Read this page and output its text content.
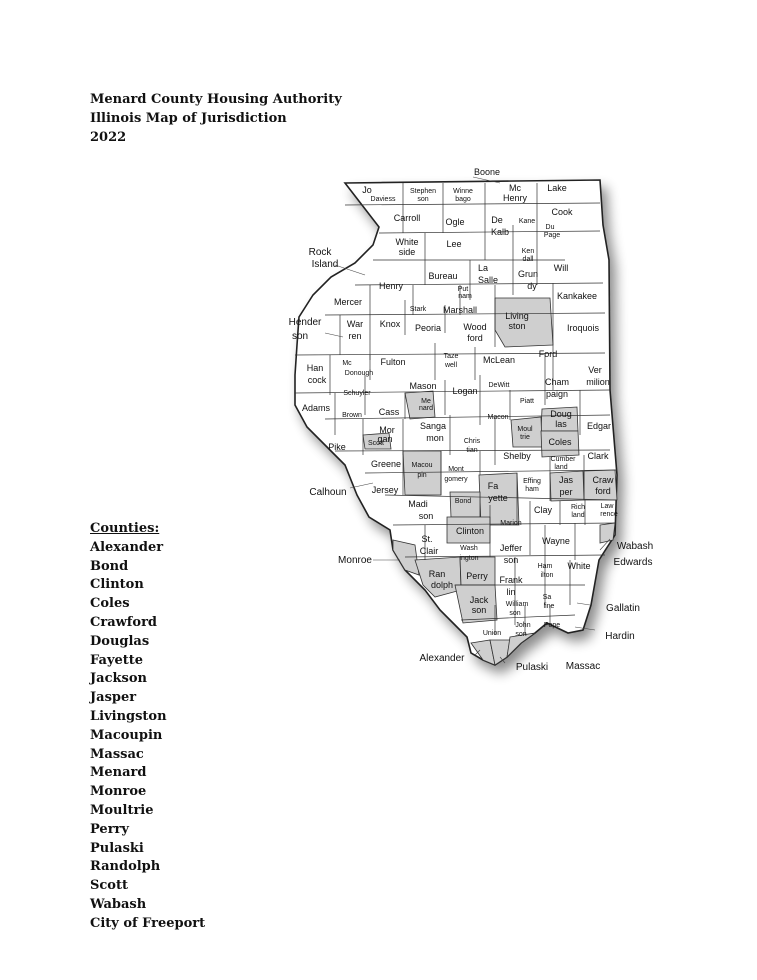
Menard County Housing Authority
Illinois Map of Jurisdiction
2022
Boone
Jo
Daviess
Stephen
son
Winne
bago
Mc
Henry
Lake
Carroll	Ogle	De
Kalb
Kane
Cook
Du
Page
Rock
Island
White
side
Lee
Ken
dall
Will
Henry
Bureau
La
Salle
Grun
dy
Mercer
Put
nam	Kankakee
Stark Marshall
Living
ston
Hender
son
War
ren
Knox Peoria Wood
ford
Iroquois
Ford
Mc
Donough
Fulton
Taze
well
McLean
Han
cock
Schuyler
Ver
milion
Mason Logan
DeWitt	Cham
paign
Adams
Brown
Me
nard
Cass
Macon
Piatt
Doug
las Edgar
Mor
gan
Sanga
mon
Moul
trie Coles
Pike	Scott	Chris
tian
Shelby	Cumber
land
Clark
Greene Macou
pin
Mont
gomery
Fa
yette
Effing
ham
Jas
per
Craw
ford
Calhoun	Jersey
Bond
Madi
son
Clay	Rich
land
Law
rence
Marion
Clinton
St.
Clair	Wash
ington
Jeffer
son
Wayne	Wabash
Edwards
Monroe
Ran
dolph
Perry Frank
lin
Ham
ilton
White
Jack
son
William
son
Sa
line	Gallatin
Union
John
son
Pope
Hardin
Alexander
Pulaski Massac
Counties:
Alexander
Bond
Clinton
Coles
Crawford
Douglas
Fayette
Jackson
Jasper
Livingston
Macoupin
Massac
Menard
Monroe
Moultrie
Perry
Pulaski
Randolph
Scott
Wabash
City of Freeport
